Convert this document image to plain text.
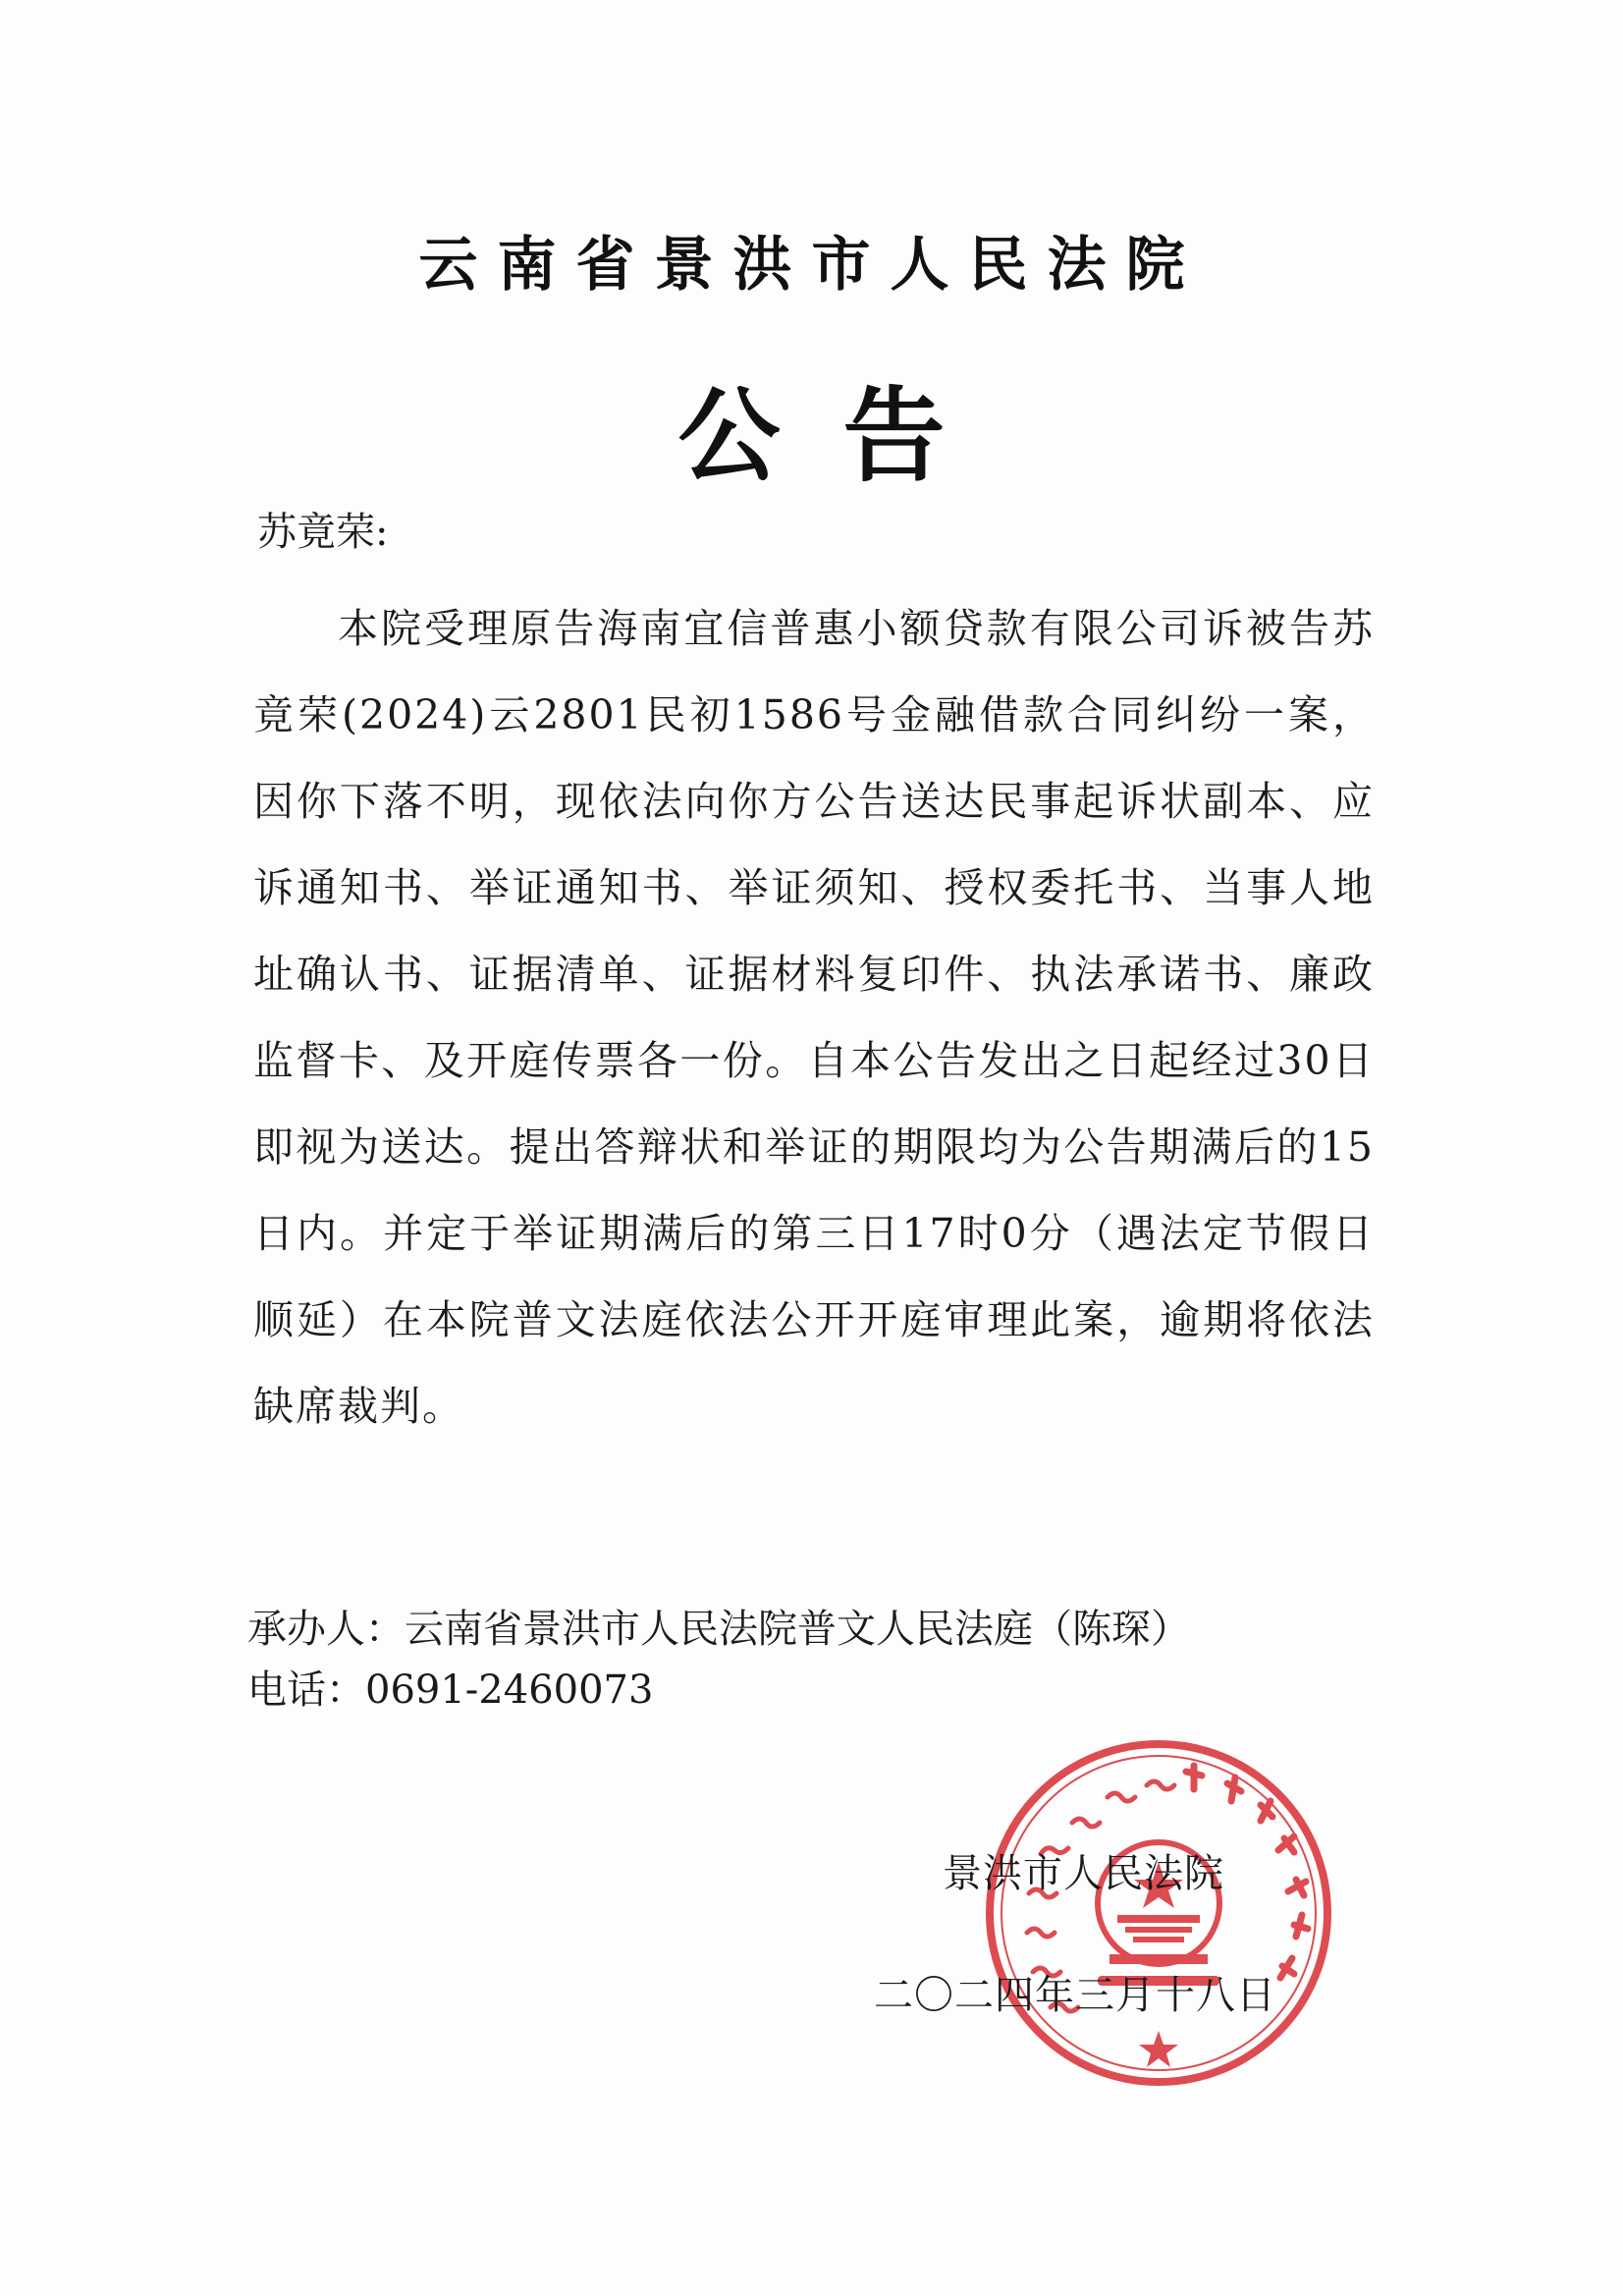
云南省景洪市人民法院
公告
苏竟荣:
本院受理原告海南宜信普惠小额贷款有限公司诉被告苏竟荣(2024)云2801民初1586号金融借款合同纠纷一案，因你下落不明，现依法向你方公告送达民事起诉状副本、应诉通知书、举证通知书、举证须知、授权委托书、当事人地址确认书、证据清单、证据材料复印件、执法承诺书、廉政监督卡、及开庭传票各一份。自本公告发出之日起经过30日即视为送达。提出答辩状和举证的期限均为公告期满后的15日内。并定于举证期满后的第三日17时0分（遇法定节假日顺延）在本院普文法庭依法公开开庭审理此案，逾期将依法缺席裁判。
承办人：云南省景洪市人民法院普文人民法庭（陈琛）
电话：0691-2460073
景洪市人民法院
二〇二四年三月十八日
